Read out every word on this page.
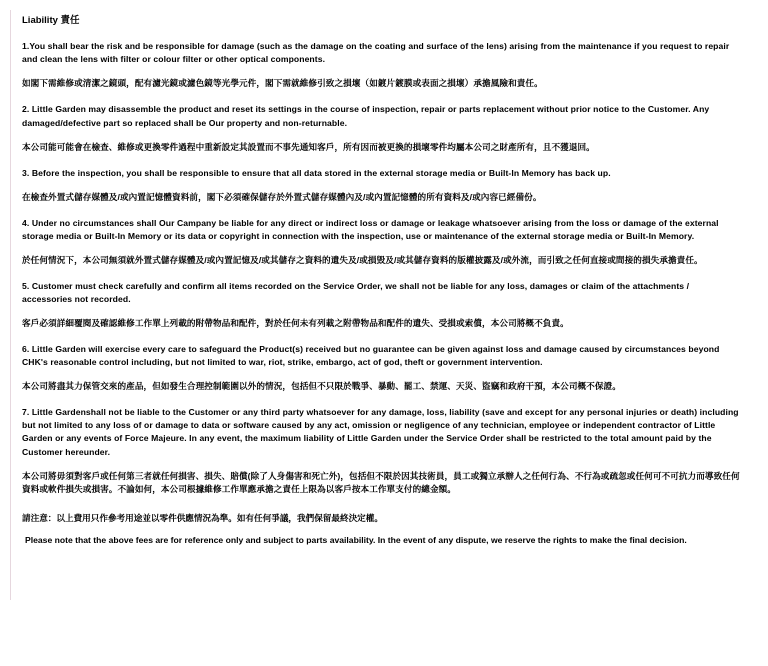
Liability 責任

1.You shall bear the risk and be responsible for damage (such as the damage on the coating and surface of the lens) arising from the maintenance if you request to repair and clean the lens with filter or colour filter or other optical components.

如閣下需維修或清潔之鏡頭，配有濾光鏡或濾色鏡等光學元件，閣下需就維修引致之損壞（如鍍片鍍膜或表面之損壞）承擔風險和責任。

2. Little Garden may disassemble the product and reset its settings in the course of inspection, repair or parts replacement without prior notice to the Customer. Any damaged/defective part so replaced shall be Our property and non-returnable.

本公司能可能會在檢查、維修或更換零件過程中重新設定其設置而不事先通知客戶，所有因而被更換的損壞零件均屬本公司之財產所有，且不獲退回。

3. Before the inspection, you shall be responsible to ensure that all data stored in the external storage media or Built-In Memory has back up.

在檢查外置式儲存媒體及/或內置記憶體資料前，閣下必須確保儲存於外置式儲存媒體內及/或內置記憶體的所有資料及/或內容已經備份。

4. Under no circumstances shall Our Campany be liable for any direct or indirect loss or damage or leakage whatsoever arising from the loss or damage of the external storage media or Built-In Memory or its data or copyright in connection with the inspection, use or maintenance of the external storage media or Built-In Memory.

於任何情況下，本公司無須就外置式儲存媒體及/或內置記憶及/或其儲存之資料的遺失及/或損毀及/或其儲存資料的版權披露及/或外流，而引致之任何直接或間接的損失承擔責任。

5. Customer must check carefully and confirm all items recorded on the Service Order, we shall not be liable for any loss, damages or claim of the attachments / accessories not recorded.

客戶必須詳細覆閱及確認維修工作單上列載的附帶物品和配件，對於任何未有列載之附帶物品和配件的遺失、受損或索償，本公司將概不負責。

6. Little Garden will exercise every care to safeguard the Product(s) received but no guarantee can be given against loss and damage caused by circumstances beyond CHK's reasonable control including, but not limited to war, riot, strike, embargo, act of god, theft or government intervention.

本公司將盡其力保管交來的產品，但如發生合理控制範圍以外的情況，包括但不只限於戰爭、暴動、罷工、禁運、天災、盜竊和政府干預，本公司概不保證。

7. Little Gardenshall not be liable to the Customer or any third party whatsoever for any damage, loss, liability (save and except for any personal injuries or death) including but not limited to any loss of or damage to data or software caused by any act, omission or negligence of any technician, employee or independent contractor of Little Garden or any events of Force Majeure. In any event, the maximum liability of Little Garden under the Service Order shall be restricted to the total amount paid by the Customer hereunder.

本公司將毋須對客戶或任何第三者就任何損害、損失、賠償(除了人身傷害和死亡外)，包括但不限於因其技術員，員工或獨立承辦人之任何行為、不行為或疏忽或任何可不可抗力而導致任何資料或軟件損失或損害。不論如何，本公司根據維修工作單應承擔之責任上限為以客戶按本工作單支付的總金額。

請注意：以上費用只作參考用途並以零件供應情況為準。如有任何爭議，我們保留最終決定權。

Please note that the above fees are for reference only and subject to parts availability. In the event of any dispute, we reserve the rights to make the final decision.
